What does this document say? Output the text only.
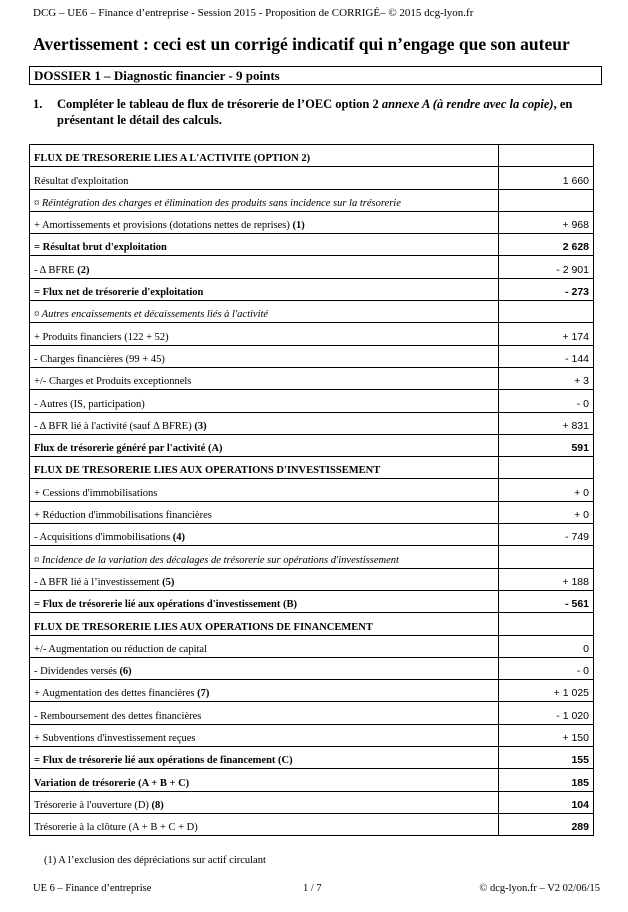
DCG – UE6 – Finance d’entreprise - Session 2015 - Proposition de CORRIGÉ– © 2015 dcg-lyon.fr
Avertissement : ceci est un corrigé indicatif qui n’engage que son auteur
DOSSIER 1 – Diagnostic financier - 9 points
1. Compléter le tableau de flux de trésorerie de l’OEC option 2 annexe A (à rendre avec la copie), en présentant le détail des calculs.
FLUX DE TRESORERIE LIES A L'ACTIVITE (OPTION 2)	
Résultat d'exploitation	1 660
¤ Réintégration des charges et élimination des produits sans incidence sur la trésorerie	
+ Amortissements et provisions (dotations nettes de reprises) (1)	+ 968
= Résultat brut d'exploitation	2 628
- Δ BFRE (2)	- 2 901
= Flux net de trésorerie d'exploitation	- 273
¤ Autres encaissements et décaissements liés à l'activité	
+ Produits financiers (122 + 52)	+ 174
- Charges financières (99 + 45)	- 144
+/- Charges et Produits exceptionnels	+ 3
- Autres (IS, participation)	- 0
- Δ BFR lié à l'activité (sauf Δ BFRE) (3)	+ 831
Flux de trésorerie généré par l'activité (A)	591
FLUX DE TRESORERIE LIES AUX OPERATIONS D'INVESTISSEMENT	
+ Cessions d'immobilisations	+ 0
+ Réduction d'immobilisations financières	+ 0
- Acquisitions d'immobilisations (4)	- 749
¤ Incidence de la variation des décalages de trésorerie sur opérations d'investissement	
- Δ BFR lié à l’investissement (5)	+ 188
= Flux de trésorerie lié aux opérations d'investissement (B)	- 561
FLUX DE TRESORERIE LIES AUX OPERATIONS DE FINANCEMENT	
+/- Augmentation ou réduction de capital	0
- Dividendes versés (6)	- 0
+ Augmentation des dettes financières (7)	+ 1 025
- Remboursement des dettes financières	- 1 020
+ Subventions d'investissement reçues	+ 150
= Flux de trésorerie lié aux opérations de financement (C)	155
Variation de trésorerie (A + B + C)	185
Trésorerie à l'ouverture (D) (8)	104
Trésorerie à la clôture (A + B + C + D)	289
(1) A l’exclusion des dépréciations sur actif circulant
UE 6 – Finance d’entreprise	1 / 7	© dcg-lyon.fr – V2 02/06/15
